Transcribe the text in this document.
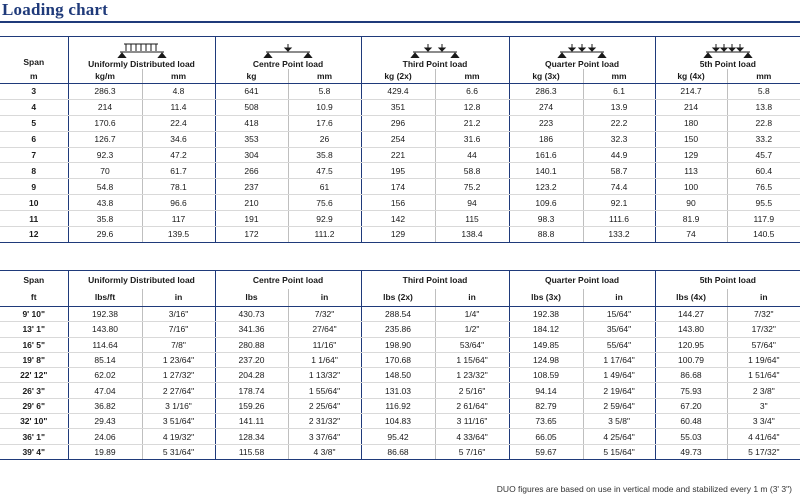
Loading chart
Span	Uniformly Distributed load		Centre Point load		Third Point load		Quarter Point load		5th Point load	
m	kg/m	mm	kg	mm	kg (2x)	mm	kg (3x)	mm	kg (4x)	mm
3	286.3	4.8	641	5.8	429.4	6.6	286.3	6.1	214.7	5.8
4	214	11.4	508	10.9	351	12.8	274	13.9	214	13.8
5	170.6	22.4	418	17.6	296	21.2	223	22.2	180	22.8
6	126.7	34.6	353	26	254	31.6	186	32.3	150	33.2
7	92.3	47.2	304	35.8	221	44	161.6	44.9	129	45.7
8	70	61.7	266	47.5	195	58.8	140.1	58.7	113	60.4
9	54.8	78.1	237	61	174	75.2	123.2	74.4	100	76.5
10	43.8	96.6	210	75.6	156	94	109.6	92.1	90	95.5
11	35.8	117	191	92.9	142	115	98.3	111.6	81.9	117.9
12	29.6	139.5	172	111.2	129	138.4	88.8	133.2	74	140.5
Span	Uniformly Distributed load		Centre Point load		Third Point load		Quarter Point load		5th Point load	
ft	lbs/ft	in	lbs	in	lbs (2x)	in	lbs (3x)	in	lbs (4x)	in
9' 10"	192.38	3/16"	430.73	7/32"	288.54	1/4"	192.38	15/64"	144.27	7/32"
13' 1"	143.80	7/16"	341.36	27/64"	235.86	1/2"	184.12	35/64"	143.80	17/32"
16' 5"	114.64	7/8"	280.88	11/16"	198.90	53/64"	149.85	55/64"	120.95	57/64"
19' 8"	85.14	1 23/64"	237.20	1 1/64"	170.68	1 15/64"	124.98	1 17/64"	100.79	1 19/64"
22' 12"	62.02	1 27/32"	204.28	1 13/32"	148.50	1 23/32"	108.59	1 49/64"	86.68	1 51/64"
26' 3"	47.04	2 27/64"	178.74	1 55/64"	131.03	2 5/16"	94.14	2 19/64"	75.93	2 3/8"
29' 6"	36.82	3 1/16"	159.26	2 25/64"	116.92	2 61/64"	82.79	2 59/64"	67.20	3"
32' 10"	29.43	3 51/64"	141.11	2 31/32"	104.83	3 11/16"	73.65	3 5/8"	60.48	3 3/4"
36' 1"	24.06	4 19/32"	128.34	3 37/64"	95.42	4 33/64"	66.05	4 25/64"	55.03	4 41/64"
39' 4"	19.89	5 31/64"	115.58	4 3/8"	86.68	5 7/16"	59.67	5 15/64"	49.73	5 17/32"
DUO figures are based on use in vertical mode and stabilized every 1 m (3' 3")
